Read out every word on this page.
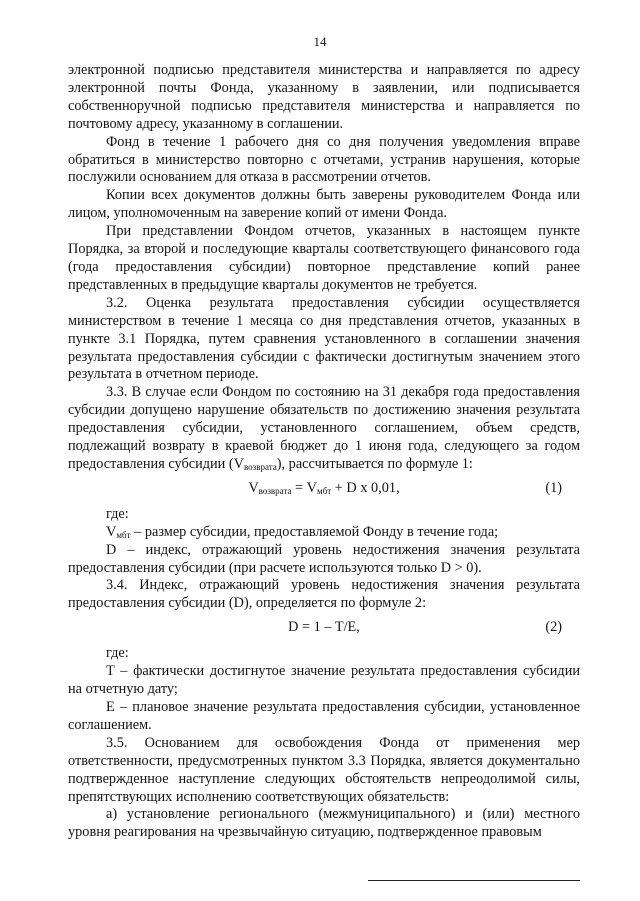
14

электронной подписью представителя министерства и направляется по адресу электронной почты Фонда, указанному в заявлении, или подписывается собственноручной подписью представителя министерства и направляется по почтовому адресу, указанному в соглашении.

Фонд в течение 1 рабочего дня со дня получения уведомления вправе обратиться в министерство повторно с отчетами, устранив нарушения, которые послужили основанием для отказа в рассмотрении отчетов.

Копии всех документов должны быть заверены руководителем Фонда или лицом, уполномоченным на заверение копий от имени Фонда.

При представлении Фондом отчетов, указанных в настоящем пункте Порядка, за второй и последующие кварталы соответствующего финансового года (года предоставления субсидии) повторное представление копий ранее представленных в предыдущие кварталы документов не требуется.

3.2. Оценка результата предоставления субсидии осуществляется министерством в течение 1 месяца со дня представления отчетов, указанных в пункте 3.1 Порядка, путем сравнения установленного в соглашении значения результата предоставления субсидии с фактически достигнутым значением этого результата в отчетном периоде.

3.3. В случае если Фондом по состоянию на 31 декабря года предоставления субсидии допущено нарушение обязательств по достижению значения результата предоставления субсидии, установленного соглашением, объем средств, подлежащий возврату в краевой бюджет до 1 июня года, следующего за годом предоставления субсидии $(V_{возврата})$, рассчитывается по формуле 1:

$V_{возврата} = V_{мбт} + D$ x 0,01,	(1)

где:

$V_{мбт}$ – размер субсидии, предоставляемой Фонду в течение года;

D – индекс, отражающий уровень недостижения значения результата предоставления субсидии (при расчете используются только D > 0).

3.4. Индекс, отражающий уровень недостижения значения результата предоставления субсидии (D), определяется по формуле 2:

D = 1 – T/E,	(2)

где:

T – фактически достигнутое значение результата предоставления субсидии на отчетную дату;

E – плановое значение результата предоставления субсидии, установленное соглашением.

3.5. Основанием для освобождения Фонда от применения мер ответственности, предусмотренных пунктом 3.3 Порядка, является документально подтвержденное наступление следующих обстоятельств непреодолимой силы, препятствующих исполнению соответствующих обязательств:

а) установление регионального (межмуниципального) и (или) местного уровня реагирования на чрезвычайную ситуацию, подтвержденное правовым
